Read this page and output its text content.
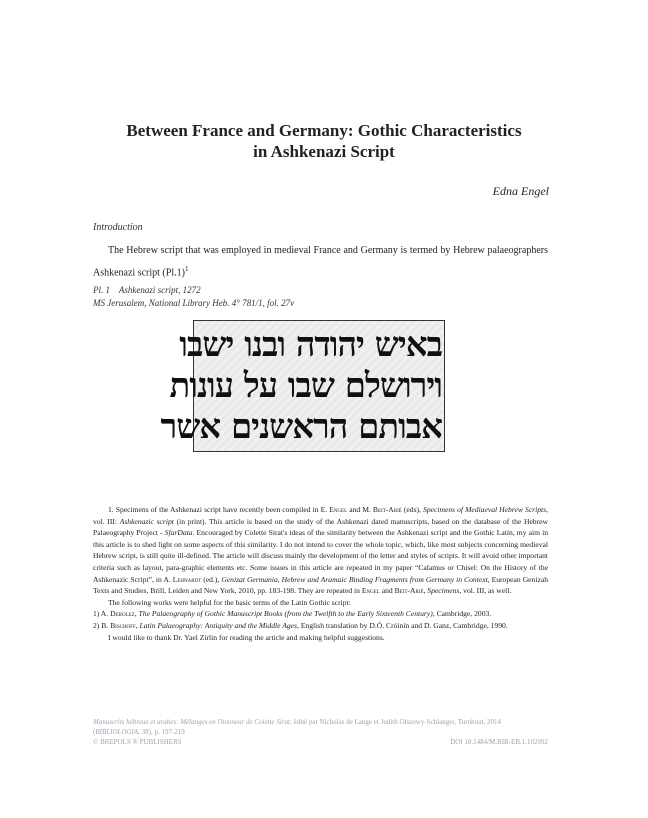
Between France and Germany: Gothic Characteristics
in Ashkenazi Script
Edna Engel
Introduction
The Hebrew script that was employed in medieval France and Germany is termed by Hebrew palaeographers Ashkenazi script $(Pl.1)^1$
Pl. 1    Ashkenazi script, 1272
MS Jerusalem, National Library Heb. 4° 781/1, fol. 27v
באיש יהודה ובנו ישבו
וירושלם שבו על עונות
אבותם הראשנים אשר

1. Specimens of the Ashkenazi script have recently been compiled in E. Engel and M. Beit-Arié (eds), Specimens of Mediaeval Hebrew Scripts, vol. III: Ashkenazic script (in print). This article is based on the study of the Ashkenazi dated manuscripts, based on the database of the Hebrew Palaeography Project - SfarData. Encouraged by Colette Sirat's ideas of the similarity between the Ashkenazi script and the Gothic Latin, my aim in this article is to shed light on some aspects of this similarity. I do not intend to cover the whole topic, which, like most subjects concerning medieval Hebrew script, is still quite ill-defined. The article will discuss mainly the development of the letter and styles of scripts. It will avoid other important criteria such as layout, para-graphic elements etc. Some issues in this article are repeated in my paper “Calamus or Chisel: On the History of the Ashkenazic Script”, in A. Lehnardt (ed.), Genizat Germania, Hebrew and Aramaic Binding Fragments from Germany in Context, European Genizah Texts and Studies, Brill, Leiden and New York, 2010, pp. 183-198. They are repeated in Engel and Beit-Arié, Specimens, vol. III, as well.

The following works were helpful for the basic terms of the Latin Gothic script:

1) A. Derolez, The Palaeography of Gothic Manuscript Books (from the Twelfth to the Early Sixteenth Century), Cambridge, 2003.

2) B. Bischoff, Latin Palaeography: Antiquity and the Middle Ages, English translation by D.Ó. Cróinín and D. Ganz, Cambridge, 1990.

I would like to thank Dr. Yael Zirlin for reading the article and making helpful suggestions.

Manuscrits hébreux et arabes: Mélanges en l'honneur de Colette Sirat, édité par Nicholas de Lange et Judith Olszowy-Schlanger, Turnhout, 2014 (BIBLIOLOGIA, 38), p. 197-219
© BREPOLS ® PUBLISHERS	DOI 10.1484/M.BIB-EB.1.102092
